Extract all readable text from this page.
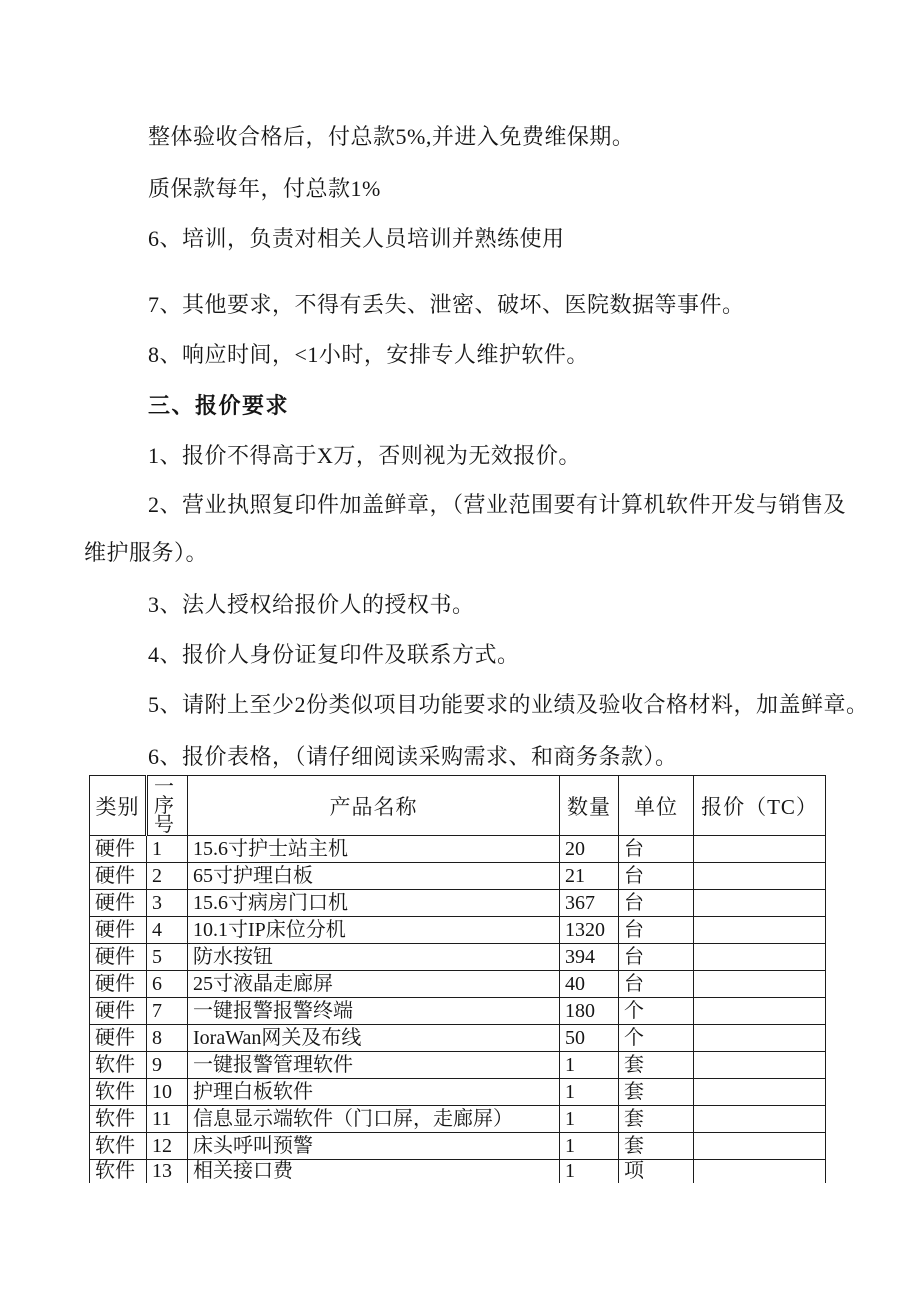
整体验收合格后，付总款5%,并进入免费维保期。
质保款每年，付总款1%
6、培训，负责对相关人员培训并熟练使用
7、其他要求，不得有丢失、泄密、破坏、医院数据等事件。
8、响应时间，<1小时，安排专人维护软件。
三、报价要求
1、报价不得高于X万，否则视为无效报价。
2、营业执照复印件加盖鲜章，（营业范围要有计算机软件开发与销售及
维护服务）。
3、法人授权给报价人的授权书。
4、报价人身份证复印件及联系方式。
5、请附上至少2份类似项目功能要求的业绩及验收合格材料，加盖鲜章。
6、报价表格，（请仔细阅读采购需求、和商务条款）。
类别	一序号	产品名称	数量	单位	报价（TC）
硬件	1	15.6寸护士站主机	20	台	
硬件	2	65寸护理白板	21	台	
硬件	3	15.6寸病房门口机	367	台	
硬件	4	10.1寸IP床位分机	1320	台	
硬件	5	防水按钮	394	台	
硬件	6	25寸液晶走廊屏	40	台	
硬件	7	一键报警报警终端	180	个	
硬件	8	IoraWan网关及布线	50	个	
软件	9	一键报警管理软件	1	套	
软件	10	护理白板软件	1	套	
软件	11	信息显示端软件（门口屏，走廊屏）	1	套	
软件	12	床头呼叫预警	1	套	
软件	13	相关接口费	1	项	
